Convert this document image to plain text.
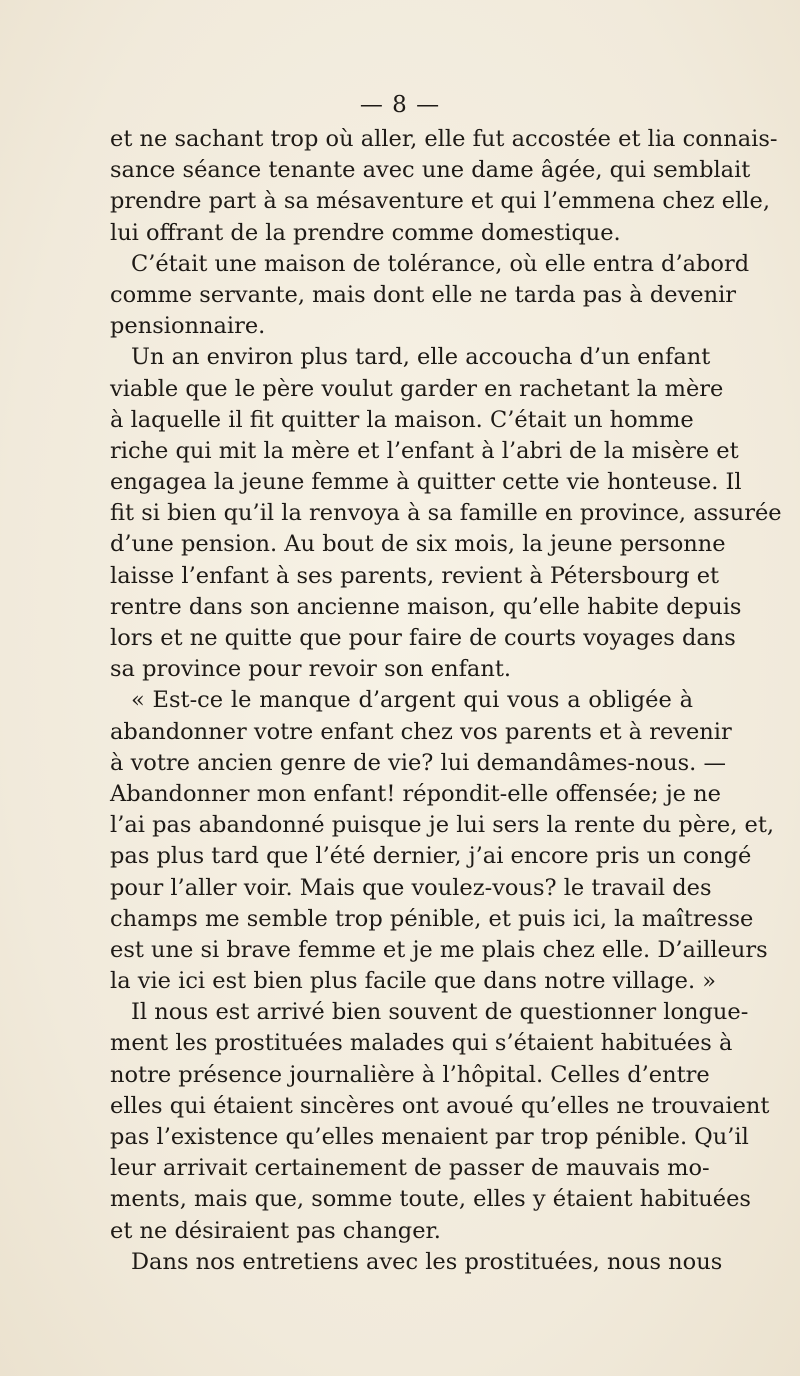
— 8 —
et ne sachant trop où aller, elle fut accostée et lia connais-
sance séance tenante avec une dame âgée, qui semblait
prendre part à sa mésaventure et qui l’emmena chez elle,
lui offrant de la prendre comme domestique.
C’était une maison de tolérance, où elle entra d’abord
comme servante, mais dont elle ne tarda pas à devenir
pensionnaire.
Un an environ plus tard, elle accoucha d’un enfant
viable que le père voulut garder en rachetant la mère
à laquelle il fit quitter la maison. C’était un homme
riche qui mit la mère et l’enfant à l’abri de la misère et
engagea la jeune femme à quitter cette vie honteuse. Il
fit si bien qu’il la renvoya à sa famille en province, assurée
d’une pension. Au bout de six mois, la jeune personne
laisse l’enfant à ses parents, revient à Pétersbourg et
rentre dans son ancienne maison, qu’elle habite depuis
lors et ne quitte que pour faire de courts voyages dans
sa province pour revoir son enfant.
« Est-ce le manque d’argent qui vous a obligée à
abandonner votre enfant chez vos parents et à revenir
à votre ancien genre de vie? lui demandâmes-nous. —
Abandonner mon enfant! répondit-elle offensée; je ne
l’ai pas abandonné puisque je lui sers la rente du père, et,
pas plus tard que l’été dernier, j’ai encore pris un congé
pour l’aller voir. Mais que voulez-vous? le travail des
champs me semble trop pénible, et puis ici, la maîtresse
est une si brave femme et je me plais chez elle. D’ailleurs
la vie ici est bien plus facile que dans notre village. »
Il nous est arrivé bien souvent de questionner longue-
ment les prostituées malades qui s’étaient habituées à
notre présence journalière à l’hôpital. Celles d’entre
elles qui étaient sincères ont avoué qu’elles ne trouvaient
pas l’existence qu’elles menaient par trop pénible. Qu’il
leur arrivait certainement de passer de mauvais mo-
ments, mais que, somme toute, elles y étaient habituées
et ne désiraient pas changer.
Dans nos entretiens avec les prostituées, nous nous
